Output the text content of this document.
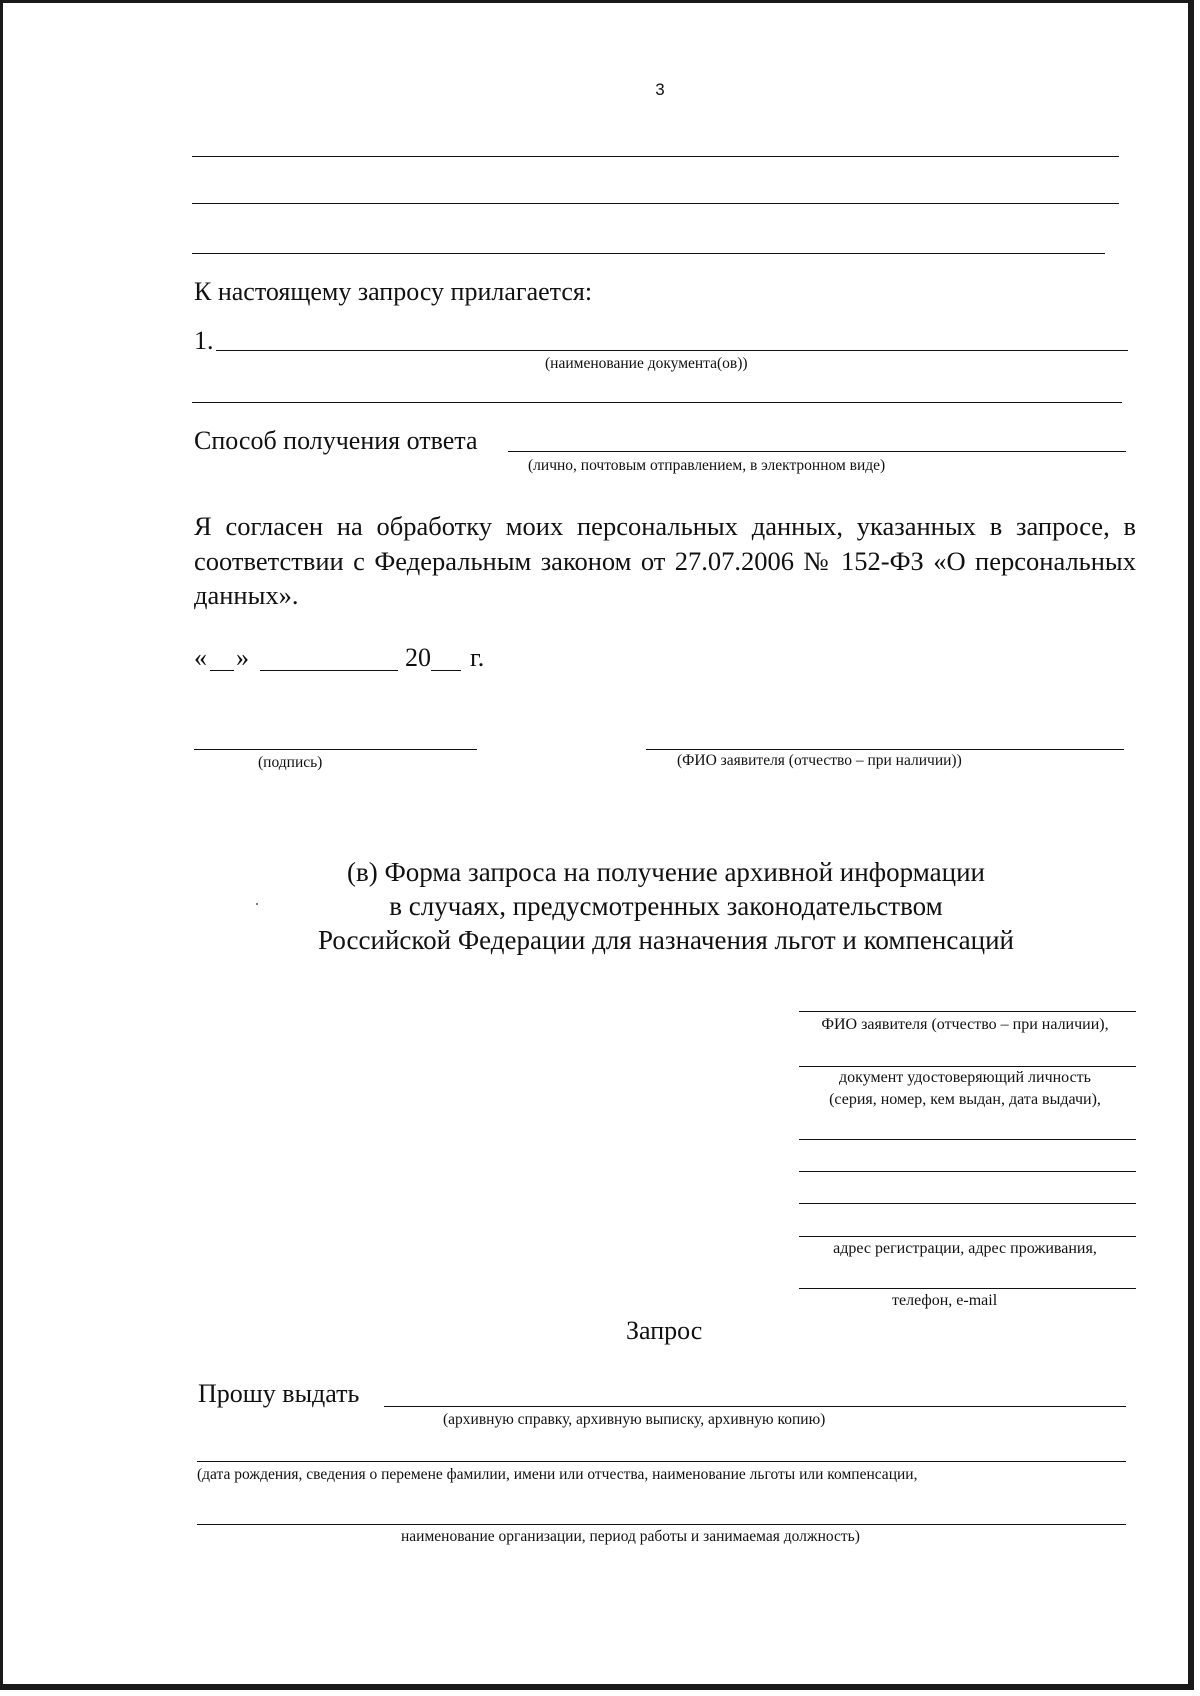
3
К настоящему запросу прилагается:
1.
(наименование документа(ов))
Способ получения ответа
(лично, почтовым отправлением, в электронном виде)
Я согласен на обработку моих персональных данных, указанных в запросе, в соответствии с Федеральным законом от 27.07.2006 № 152-ФЗ «О персональных данных».
« »	20 г.
(подпись)	(ФИО заявителя (отчество – при наличии))
(в) Форма запроса на получение архивной информации
в случаях, предусмотренных законодательством
Российской Федерации для назначения льгот и компенсаций
ФИО заявителя (отчество – при наличии),
документ удостоверяющий личность
(серия, номер, кем выдан, дата выдачи),
адрес регистрации, адрес проживания,
телефон, e-mail
Запрос
Прошу выдать
(архивную справку, архивную выписку, архивную копию)
(дата рождения, сведения о перемене фамилии, имени или отчества, наименование льготы или компенсации,
наименование организации, период работы и занимаемая должность)
